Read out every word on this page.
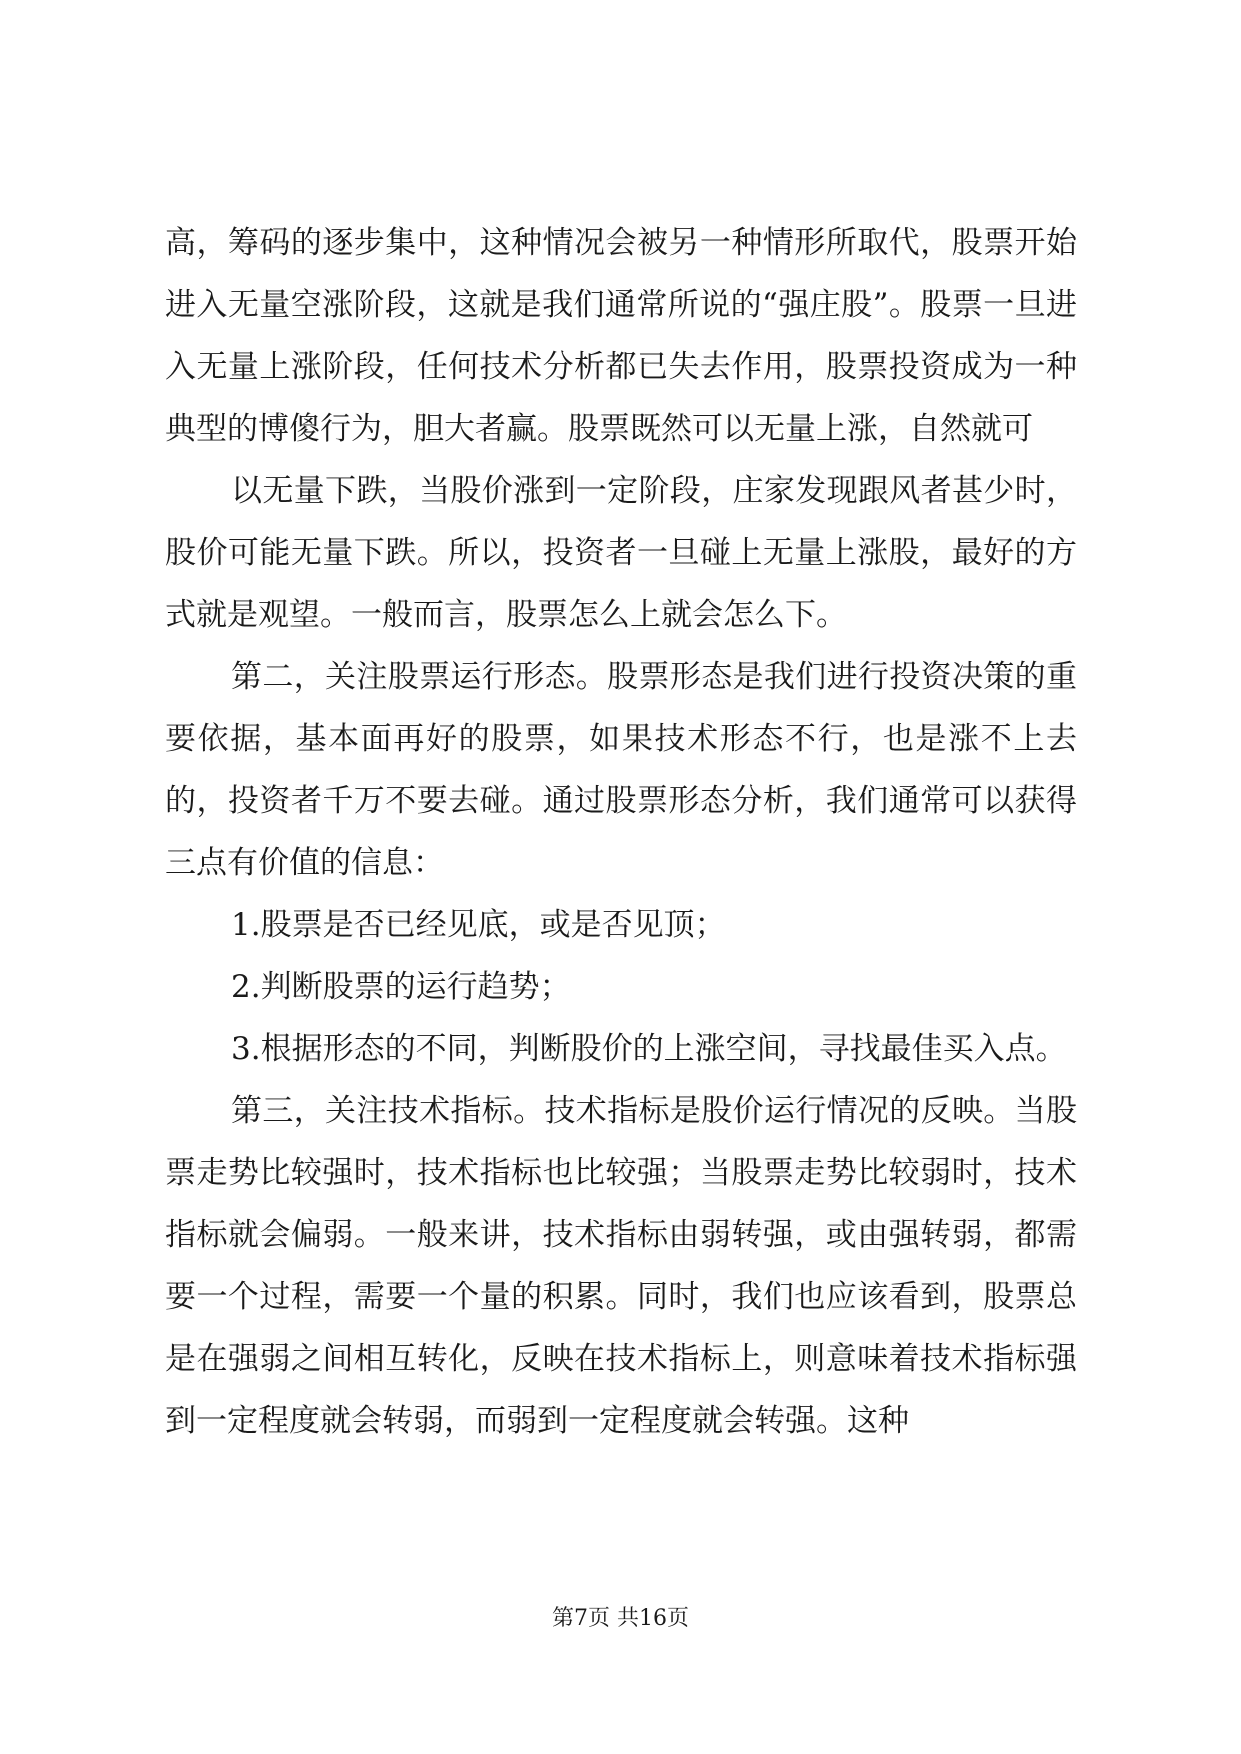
高，筹码的逐步集中，这种情况会被另一种情形所取代，股票开始进入无量空涨阶段，这就是我们通常所说的“强庄股”。股票一旦进入无量上涨阶段，任何技术分析都已失去作用，股票投资成为一种典型的博傻行为，胆大者赢。股票既然可以无量上涨，自然就可

以无量下跌，当股价涨到一定阶段，庄家发现跟风者甚少时，股价可能无量下跌。所以，投资者一旦碰上无量上涨股，最好的方式就是观望。一般而言，股票怎么上就会怎么下。

第二，关注股票运行形态。股票形态是我们进行投资决策的重要依据，基本面再好的股票，如果技术形态不行，也是涨不上去的，投资者千万不要去碰。通过股票形态分析，我们通常可以获得三点有价值的信息：

1.股票是否已经见底，或是否见顶；

2.判断股票的运行趋势；

3.根据形态的不同，判断股价的上涨空间，寻找最佳买入点。

第三，关注技术指标。技术指标是股价运行情况的反映。当股票走势比较强时，技术指标也比较强；当股票走势比较弱时，技术指标就会偏弱。一般来讲，技术指标由弱转强，或由强转弱，都需要一个过程，需要一个量的积累。同时，我们也应该看到，股票总是在强弱之间相互转化，反映在技术指标上，则意味着技术指标强到一定程度就会转弱，而弱到一定程度就会转强。这种

第7页 共16页
